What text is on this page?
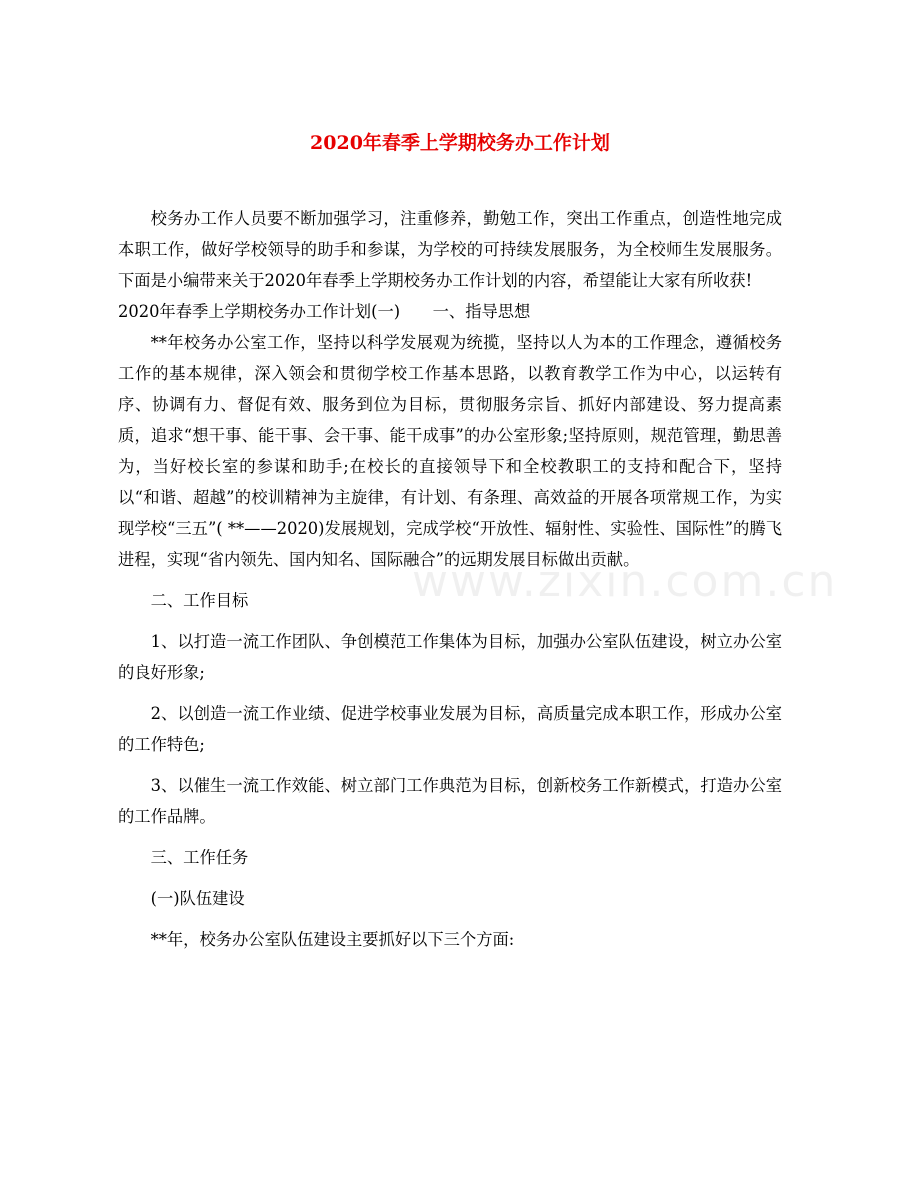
2020年春季上学期校务办工作计划

校务办工作人员要不断加强学习，注重修养，勤勉工作，突出工作重点，创造性地完成本职工作，做好学校领导的助手和参谋，为学校的可持续发展服务，为全校师生发展服务。下面是小编带来关于2020年春季上学期校务办工作计划的内容，希望能让大家有所收获!

2020年春季上学期校务办工作计划(一)　　一、指导思想

**年校务办公室工作，坚持以科学发展观为统揽，坚持以人为本的工作理念，遵循校务工作的基本规律，深入领会和贯彻学校工作基本思路，以教育教学工作为中心，以运转有序、协调有力、督促有效、服务到位为目标，贯彻服务宗旨、抓好内部建设、努力提高素质，追求“想干事、能干事、会干事、能干成事”的办公室形象;坚持原则，规范管理，勤思善为，当好校长室的参谋和助手;在校长的直接领导下和全校教职工的支持和配合下，坚持以“和谐、超越”的校训精神为主旋律，有计划、有条理、高效益的开展各项常规工作，为实现学校“三五”( **——2020)发展规划，完成学校“开放性、辐射性、实验性、国际性”的腾飞进程，实现“省内领先、国内知名、国际融合”的远期发展目标做出贡献。

二、工作目标

1、以打造一流工作团队、争创模范工作集体为目标，加强办公室队伍建设，树立办公室的良好形象;

2、以创造一流工作业绩、促进学校事业发展为目标，高质量完成本职工作，形成办公室的工作特色;

3、以催生一流工作效能、树立部门工作典范为目标，创新校务工作新模式，打造办公室的工作品牌。

三、工作任务

(一)队伍建设

**年，校务办公室队伍建设主要抓好以下三个方面:

www.zixin.com.cn
